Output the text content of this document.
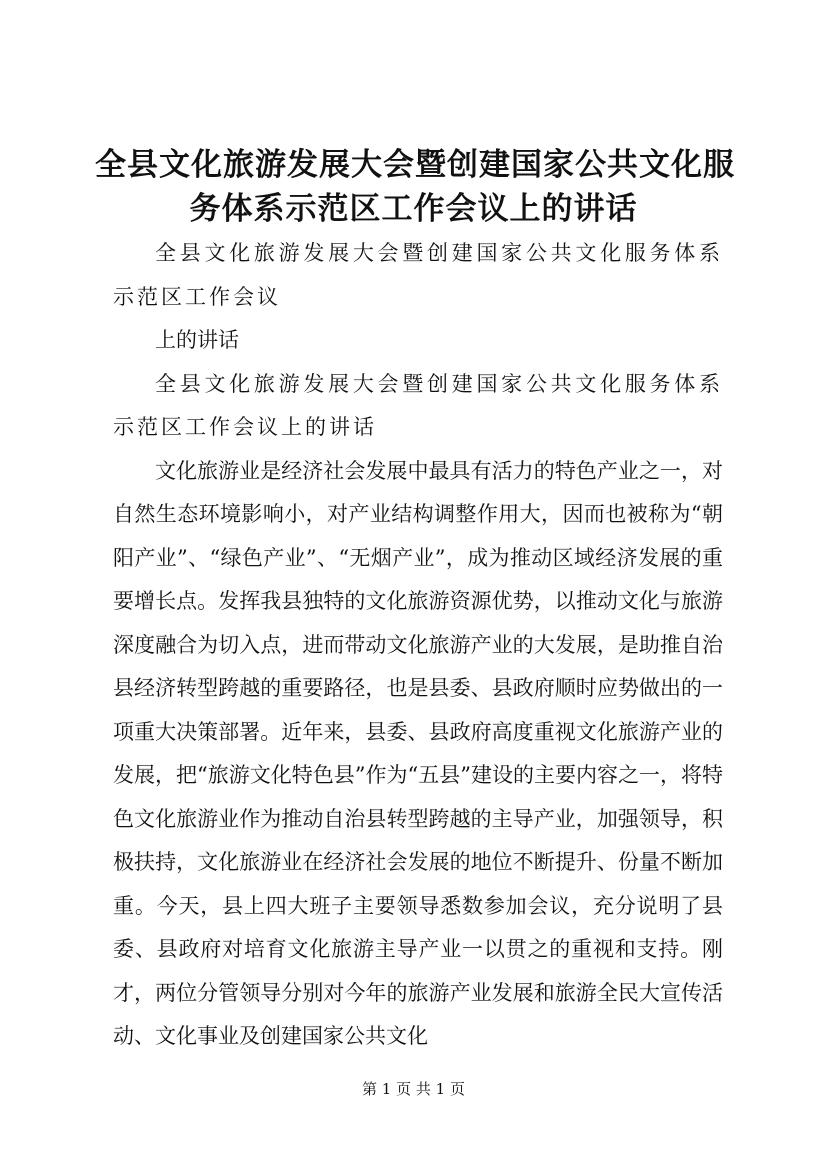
全县文化旅游发展大会暨创建国家公共文化服
务体系示范区工作会议上的讲话

全县文化旅游发展大会暨创建国家公共文化服务体系示范区工作会议

上的讲话

全县文化旅游发展大会暨创建国家公共文化服务体系示范区工作会议上的讲话

文化旅游业是经济社会发展中最具有活力的特色产业之一，对自然生态环境影响小，对产业结构调整作用大，因而也被称为“朝阳产业”、“绿色产业”、“无烟产业”，成为推动区域经济发展的重要增长点。发挥我县独特的文化旅游资源优势，以推动文化与旅游深度融合为切入点，进而带动文化旅游产业的大发展，是助推自治县经济转型跨越的重要路径，也是县委、县政府顺时应势做出的一项重大决策部署。近年来，县委、县政府高度重视文化旅游产业的发展，把“旅游文化特色县”作为“五县”建设的主要内容之一，将特色文化旅游业作为推动自治县转型跨越的主导产业，加强领导，积极扶持，文化旅游业在经济社会发展的地位不断提升、份量不断加重。今天，县上四大班子主要领导悉数参加会议，充分说明了县委、县政府对培育文化旅游主导产业一以贯之的重视和支持。刚才，两位分管领导分别对今年的旅游产业发展和旅游全民大宣传活动、文化事业及创建国家公共文化

第 1 页 共 1 页
